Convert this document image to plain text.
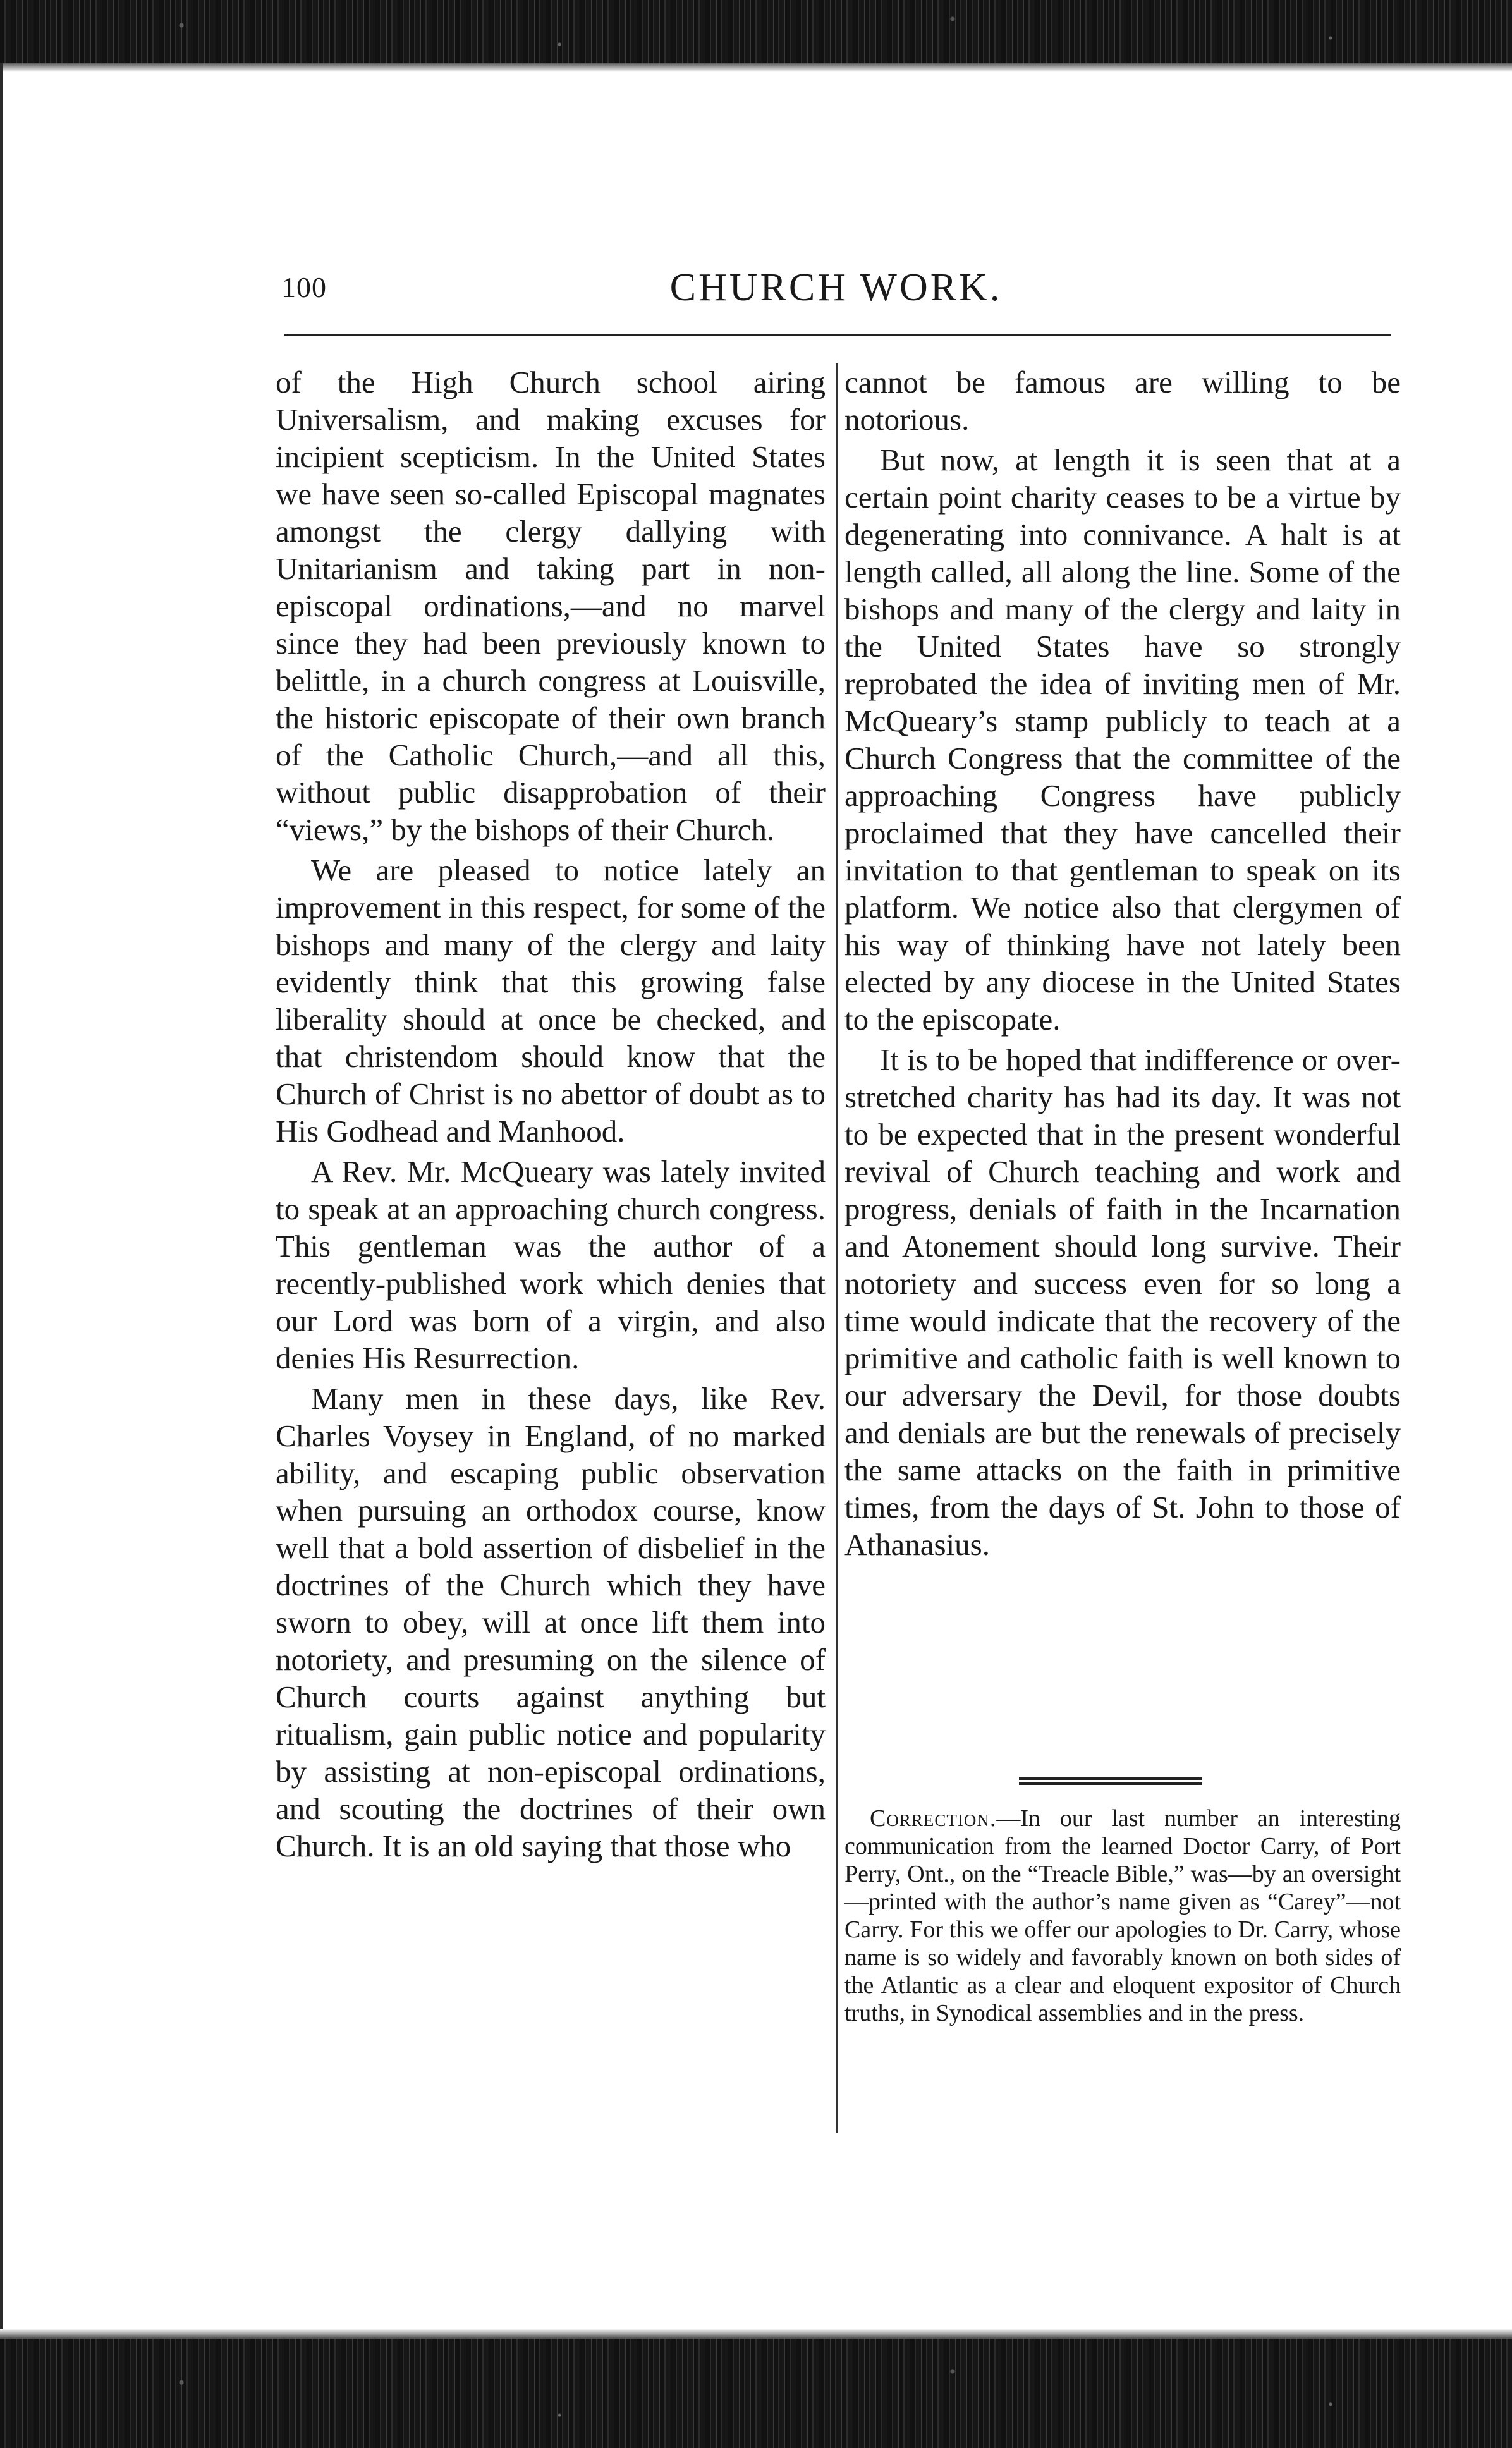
100	CHURCH WORK.

of the High Church school airing Universalism, and making excuses for incipient scepticism. In the United States we have seen so-called Episcopal magnates amongst the clergy dallying with Unitarianism and taking part in non-episcopal ordinations,—and no marvel since they had been previously known to belittle, in a church congress at Louisville, the historic episcopate of their own branch of the Catholic Church,—and all this, without public disapprobation of their “views,” by the bishops of their Church.

We are pleased to notice lately an improvement in this respect, for some of the bishops and many of the clergy and laity evidently think that this growing false liberality should at once be checked, and that christendom should know that the Church of Christ is no abettor of doubt as to His Godhead and Manhood.

A Rev. Mr. McQueary was lately invited to speak at an approaching church congress. This gentleman was the author of a recently-published work which denies that our Lord was born of a virgin, and also denies His Resurrection.

Many men in these days, like Rev. Charles Voysey in England, of no marked ability, and escaping public observation when pursuing an orthodox course, know well that a bold assertion of disbelief in the doctrines of the Church which they have sworn to obey, will at once lift them into notoriety, and presuming on the silence of Church courts against anything but ritualism, gain public notice and popularity by assisting at non-episcopal ordinations, and scouting the doctrines of their own Church. It is an old saying that those who

cannot be famous are willing to be notorious.

But now, at length it is seen that at a certain point charity ceases to be a virtue by degenerating into connivance. A halt is at length called, all along the line. Some of the bishops and many of the clergy and laity in the United States have so strongly reprobated the idea of inviting men of Mr. McQueary’s stamp publicly to teach at a Church Congress that the committee of the approaching Congress have publicly proclaimed that they have cancelled their invitation to that gentleman to speak on its platform. We notice also that clergymen of his way of thinking have not lately been elected by any diocese in the United States to the episcopate.

It is to be hoped that indifference or over-stretched charity has had its day. It was not to be expected that in the present wonderful revival of Church teaching and work and progress, denials of faith in the Incarnation and Atonement should long survive. Their notoriety and success even for so long a time would indicate that the recovery of the primitive and catholic faith is well known to our adversary the Devil, for those doubts and denials are but the renewals of precisely the same attacks on the faith in primitive times, from the days of St. John to those of Athanasius.

Correction.—In our last number an interesting communication from the learned Doctor Carry, of Port Perry, Ont., on the “Treacle Bible,” was—by an oversight—printed with the author’s name given as “Carey”—not Carry. For this we offer our apologies to Dr. Carry, whose name is so widely and favorably known on both sides of the Atlantic as a clear and eloquent expositor of Church truths, in Synodical assemblies and in the press.
